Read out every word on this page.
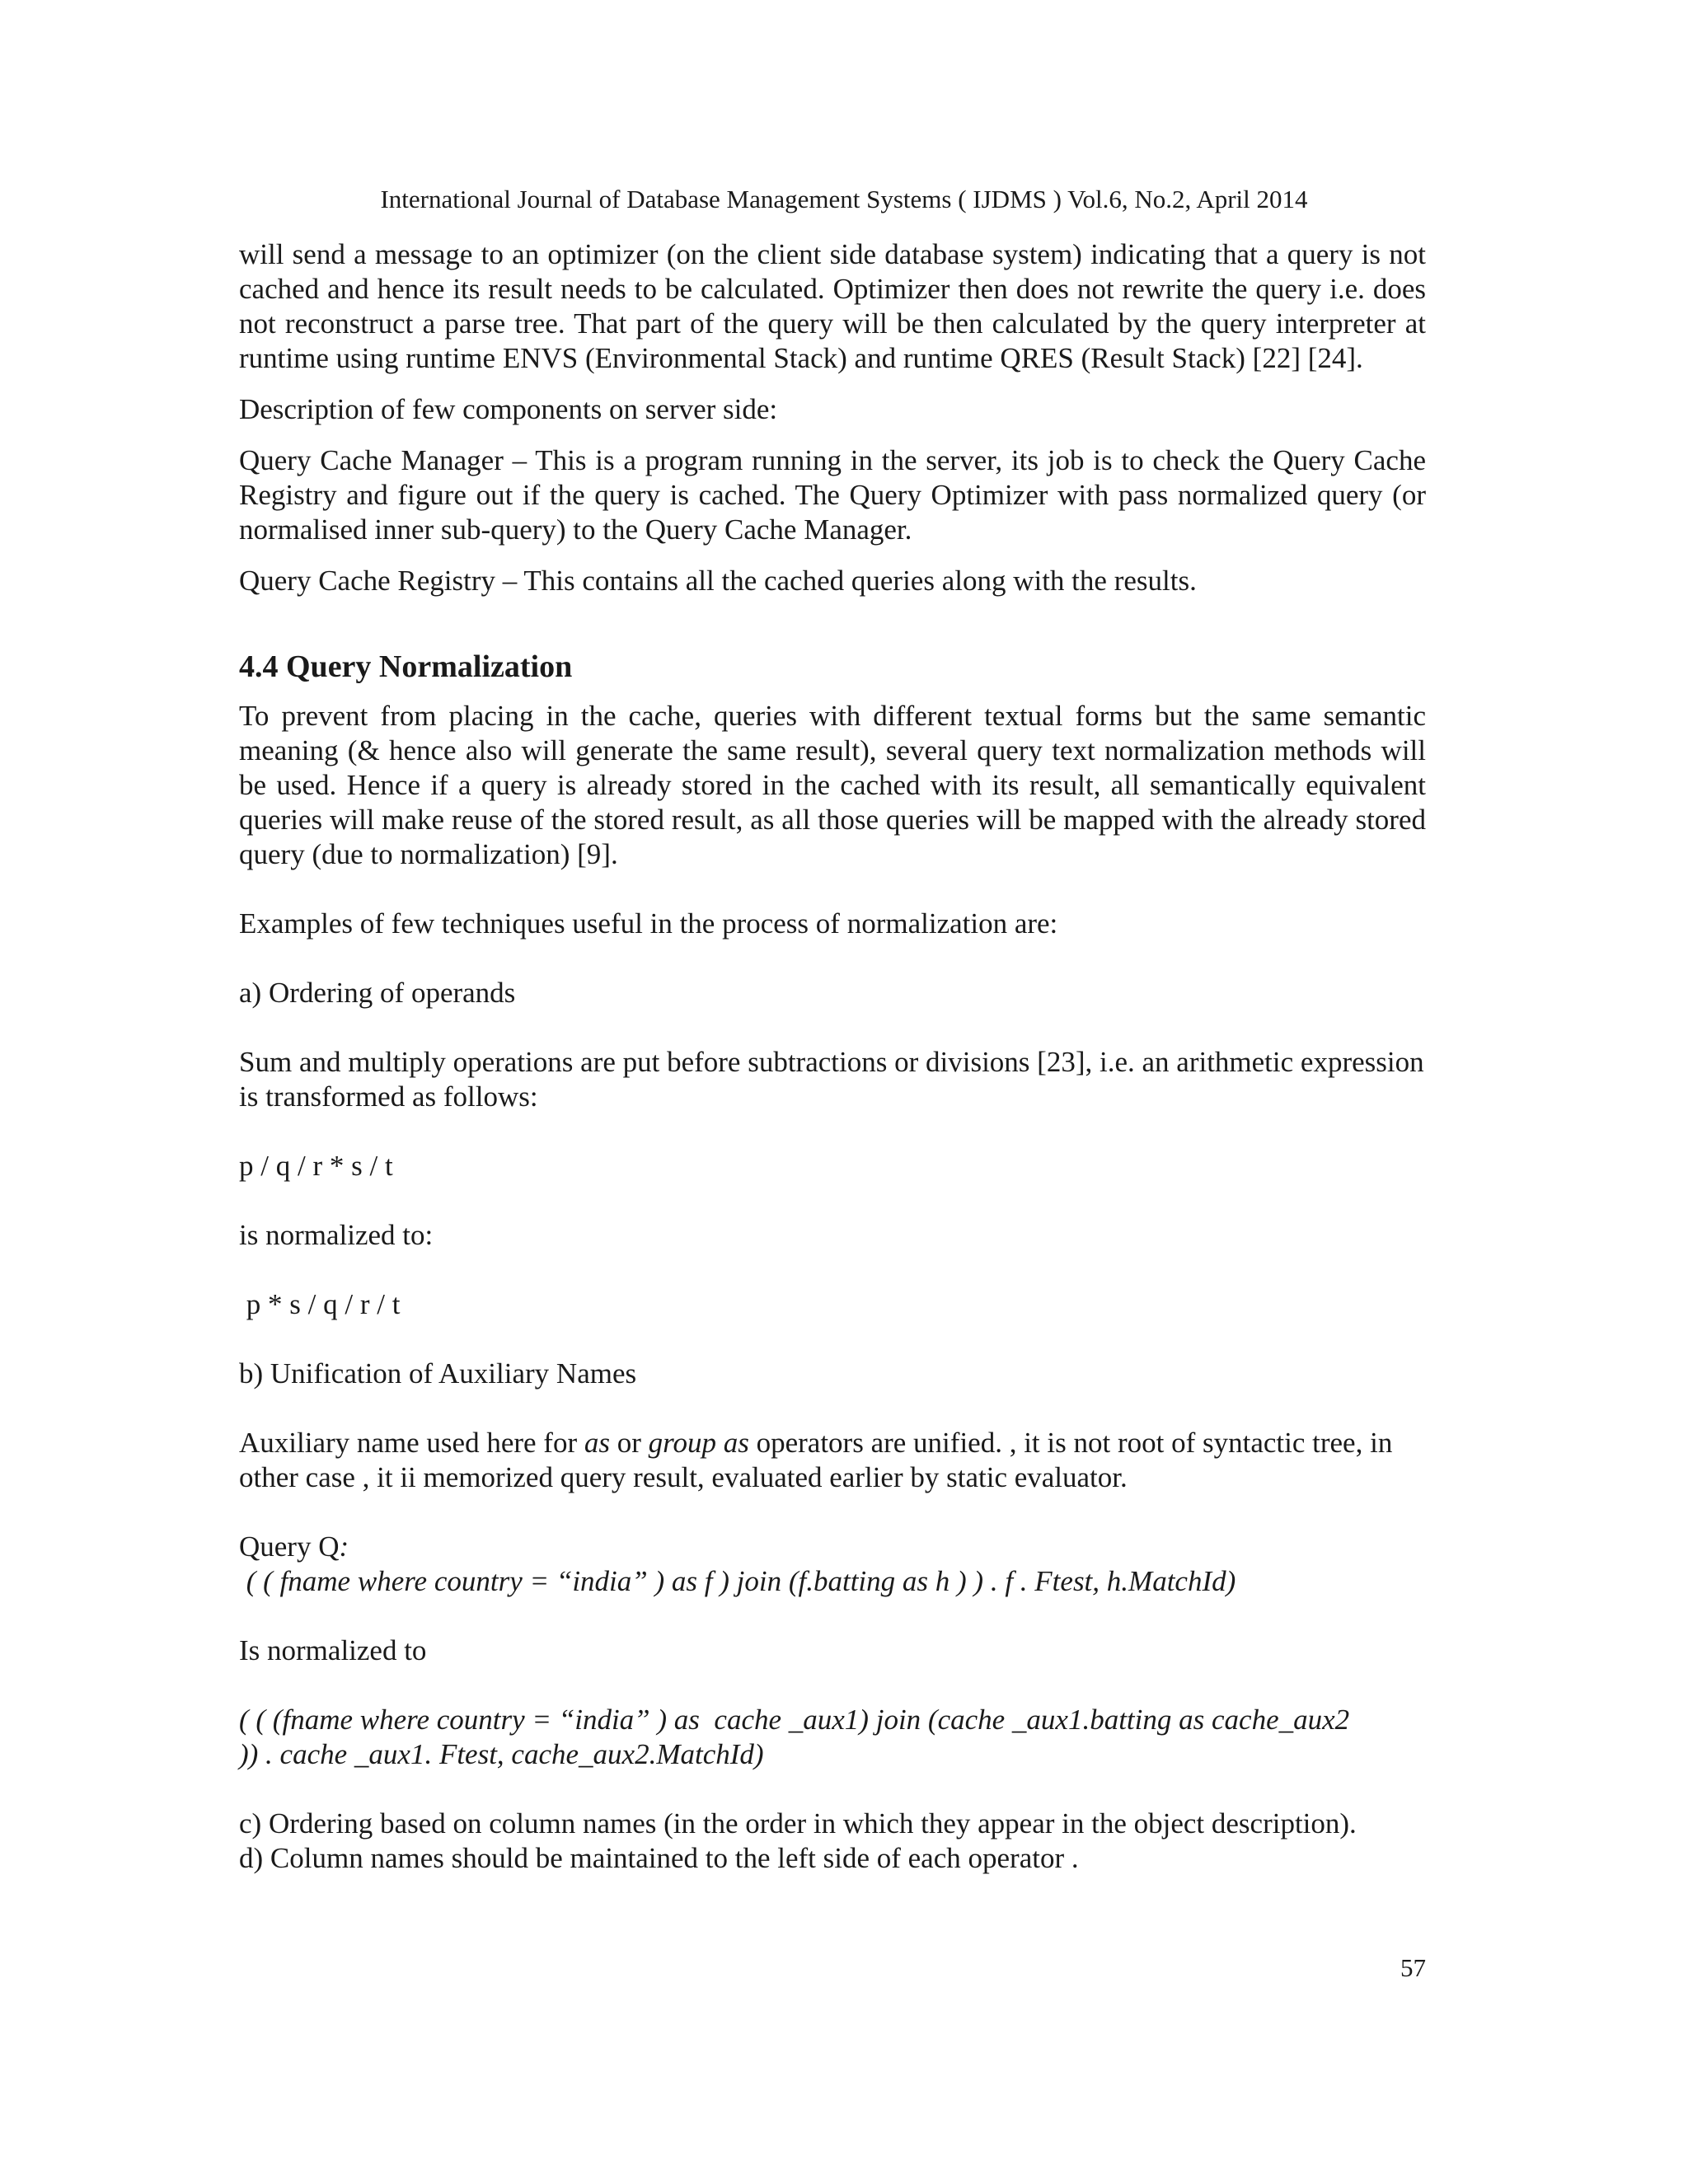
International Journal of Database Management Systems ( IJDMS ) Vol.6, No.2, April 2014

will send a message to an optimizer (on the client side database system) indicating that a query is not cached and hence its result needs to be calculated. Optimizer then does not rewrite the query i.e. does not reconstruct a parse tree. That part of the query will be then calculated by the query interpreter at runtime using runtime ENVS (Environmental Stack) and runtime QRES (Result Stack) [22] [24].

Description of few components on server side:

Query Cache Manager – This is a program running in the server, its job is to check the Query Cache Registry and figure out if the query is cached. The Query Optimizer with pass normalized query (or normalised inner sub-query) to the Query Cache Manager.

Query Cache Registry – This contains all the cached queries along with the results.

4.4 Query Normalization

To prevent from placing in the cache, queries with different textual forms but the same semantic meaning (& hence also will generate the same result), several query text normalization methods will be used. Hence if a query is already stored in the cached with its result, all semantically equivalent queries will make reuse of the stored result, as all those queries will be mapped with the already stored query (due to normalization) [9].

Examples of few techniques useful in the process of normalization are:

a) Ordering of operands

Sum and multiply operations are put before subtractions or divisions [23], i.e. an arithmetic expression is transformed as follows:

p / q / r * s / t

is normalized to:

p * s / q / r / t

b) Unification of Auxiliary Names

Auxiliary name used here for as or group as operators are unified. , it is not root of syntactic tree, in other case , it ii memorized query result, evaluated earlier by static evaluator.

Query Q:

( ( fname where country = “india” ) as f ) join (f.batting as h ) ) . f . Ftest, h.MatchId)

Is normalized to

( ( (fname where country = “india” ) as  cache _aux1) join (cache _aux1.batting as cache_aux2

)) . cache _aux1. Ftest, cache_aux2.MatchId)

c) Ordering based on column names (in the order in which they appear in the object description).

d) Column names should be maintained to the left side of each operator .

57
